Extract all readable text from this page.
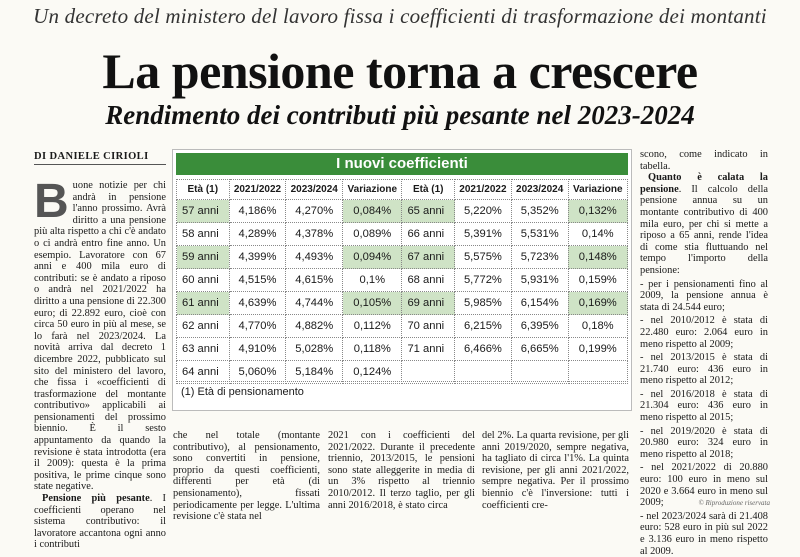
Un decreto del ministero del lavoro fissa i coefficienti di trasformazione dei montanti
La pensione torna a crescere
Rendimento dei contributi più pesante nel 2023-2024
DI DANIELE CIRIOLI
B uone notizie per chi andrà in pensione l'anno prossimo. Avrà diritto a una pensione più alta rispetto a chi c'è andato o ci andrà entro fine anno. Un esempio. Lavoratore con 67 anni e 400 mila euro di contributi: se è andato a riposo o andrà nel 2021/2022 ha diritto a una pensione di 22.300 euro; di 22.892 euro, cioè con circa 50 euro in più al mese, se lo farà nel 2023/2024. La novità arriva dal decreto 1 dicembre 2022, pubblicato sul sito del ministero del lavoro, che fissa i «coefficienti di trasformazione del montante contributivo» applicabili ai pensionamenti del prossimo biennio. È il sesto appuntamento da quando la revisione è stata introdotta (era il 2009): questa è la prima positiva, le prime cinque sono state negative.

Pensione più pesante. I coefficienti operano nel sistema contributivo: il lavoratore accantona ogni anno i contributi

I nuovi coefficienti
Età (1)	2021/2022	2023/2024	Variazione	Età (1)	2021/2022	2023/2024	Variazione
57 anni	4,186%	4,270%	0,084%	65 anni	5,220%	5,352%	0,132%
58 anni	4,289%	4,378%	0,089%	66 anni	5,391%	5,531%	0,14%
59 anni	4,399%	4,493%	0,094%	67 anni	5,575%	5,723%	0,148%
60 anni	4,515%	4,615%	0,1%	68 anni	5,772%	5,931%	0,159%
61 anni	4,639%	4,744%	0,105%	69 anni	5,985%	6,154%	0,169%
62 anni	4,770%	4,882%	0,112%	70 anni	6,215%	6,395%	0,18%
63 anni	4,910%	5,028%	0,118%	71 anni	6,466%	6,665%	0,199%
64 anni	5,060%	5,184%	0,124%				
(1) Età di pensionamento

che nel totale (montante contributivo), al pensionamento, sono convertiti in pensione, proprio da questi coefficienti, differenti per età (di pensionamento), fissati periodicamente per legge. L'ultima revisione c'è stata nel

2021 con i coefficienti del 2021/2022. Durante il precedente triennio, 2013/2015, le pensioni sono state alleggerite in media di un 3% rispetto al triennio 2010/2012. Il terzo taglio, per gli anni 2016/2018, è stato circa

del 2%. La quarta revisione, per gli anni 2019/2020, sempre negativa, ha tagliato di circa l'1%. La quinta revisione, per gli anni 2021/2022, sempre negativa. Per il prossimo biennio c'è l'inversione: tutti i coefficienti cre-

scono, come indicato in tabella.

Quanto è calata la pensione. Il calcolo della pensione annua su un montante contributivo di 400 mila euro, per chi si mette a riposo a 65 anni, rende l'idea di come stia fluttuando nel tempo l'importo della pensione:

- per i pensionamenti fino al 2009, la pensione annua è stata di 24.544 euro;

- nel 2010/2012 è stata di 22.480 euro: 2.064 euro in meno rispetto al 2009;

- nel 2013/2015 è stata di 21.740 euro: 436 euro in meno rispetto al 2012;

- nel 2016/2018 è stata di 21.304 euro: 436 euro in meno rispetto al 2015;

- nel 2019/2020 è stata di 20.980 euro: 324 euro in meno rispetto al 2018;

- nel 2021/2022 di 20.880 euro: 100 euro in meno sul 2020 e 3.664 euro in meno sul 2009;

- nel 2023/2024 sarà di 21.408 euro: 528 euro in più sul 2022 e 3.136 euro in meno rispetto al 2009.

© Riproduzione riservata
